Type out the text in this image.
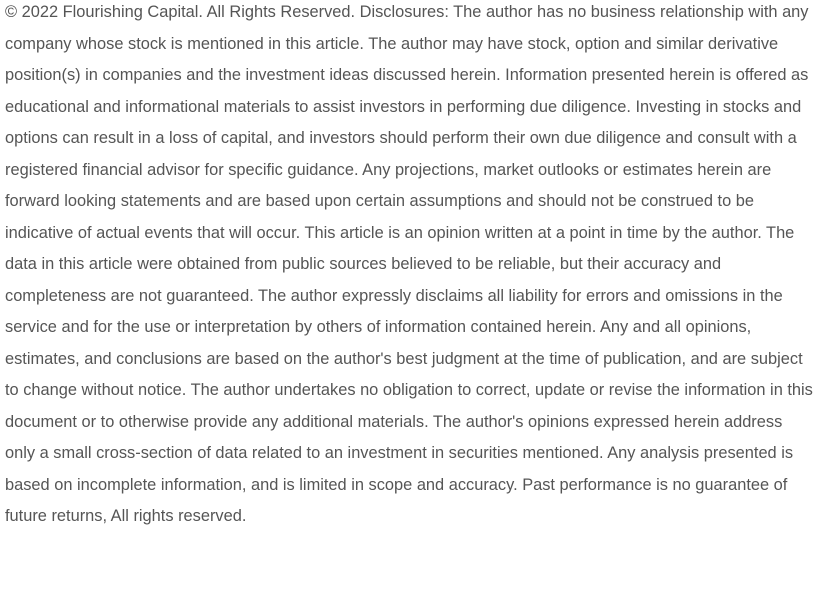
© 2022 Flourishing Capital. All Rights Reserved. Disclosures: The author has no business relationship with any company whose stock is mentioned in this article. The author may have stock, option and similar derivative position(s) in companies and the investment ideas discussed herein. Information presented herein is offered as educational and informational materials to assist investors in performing due diligence. Investing in stocks and options can result in a loss of capital, and investors should perform their own due diligence and consult with a registered financial advisor for specific guidance. Any projections, market outlooks or estimates herein are forward looking statements and are based upon certain assumptions and should not be construed to be indicative of actual events that will occur. This article is an opinion written at a point in time by the author. The data in this article were obtained from public sources believed to be reliable, but their accuracy and completeness are not guaranteed. The author expressly disclaims all liability for errors and omissions in the service and for the use or interpretation by others of information contained herein. Any and all opinions, estimates, and conclusions are based on the author's best judgment at the time of publication, and are subject to change without notice. The author undertakes no obligation to correct, update or revise the information in this document or to otherwise provide any additional materials. The author's opinions expressed herein address only a small cross-section of data related to an investment in securities mentioned. Any analysis presented is based on incomplete information, and is limited in scope and accuracy. Past performance is no guarantee of future returns, All rights reserved.
